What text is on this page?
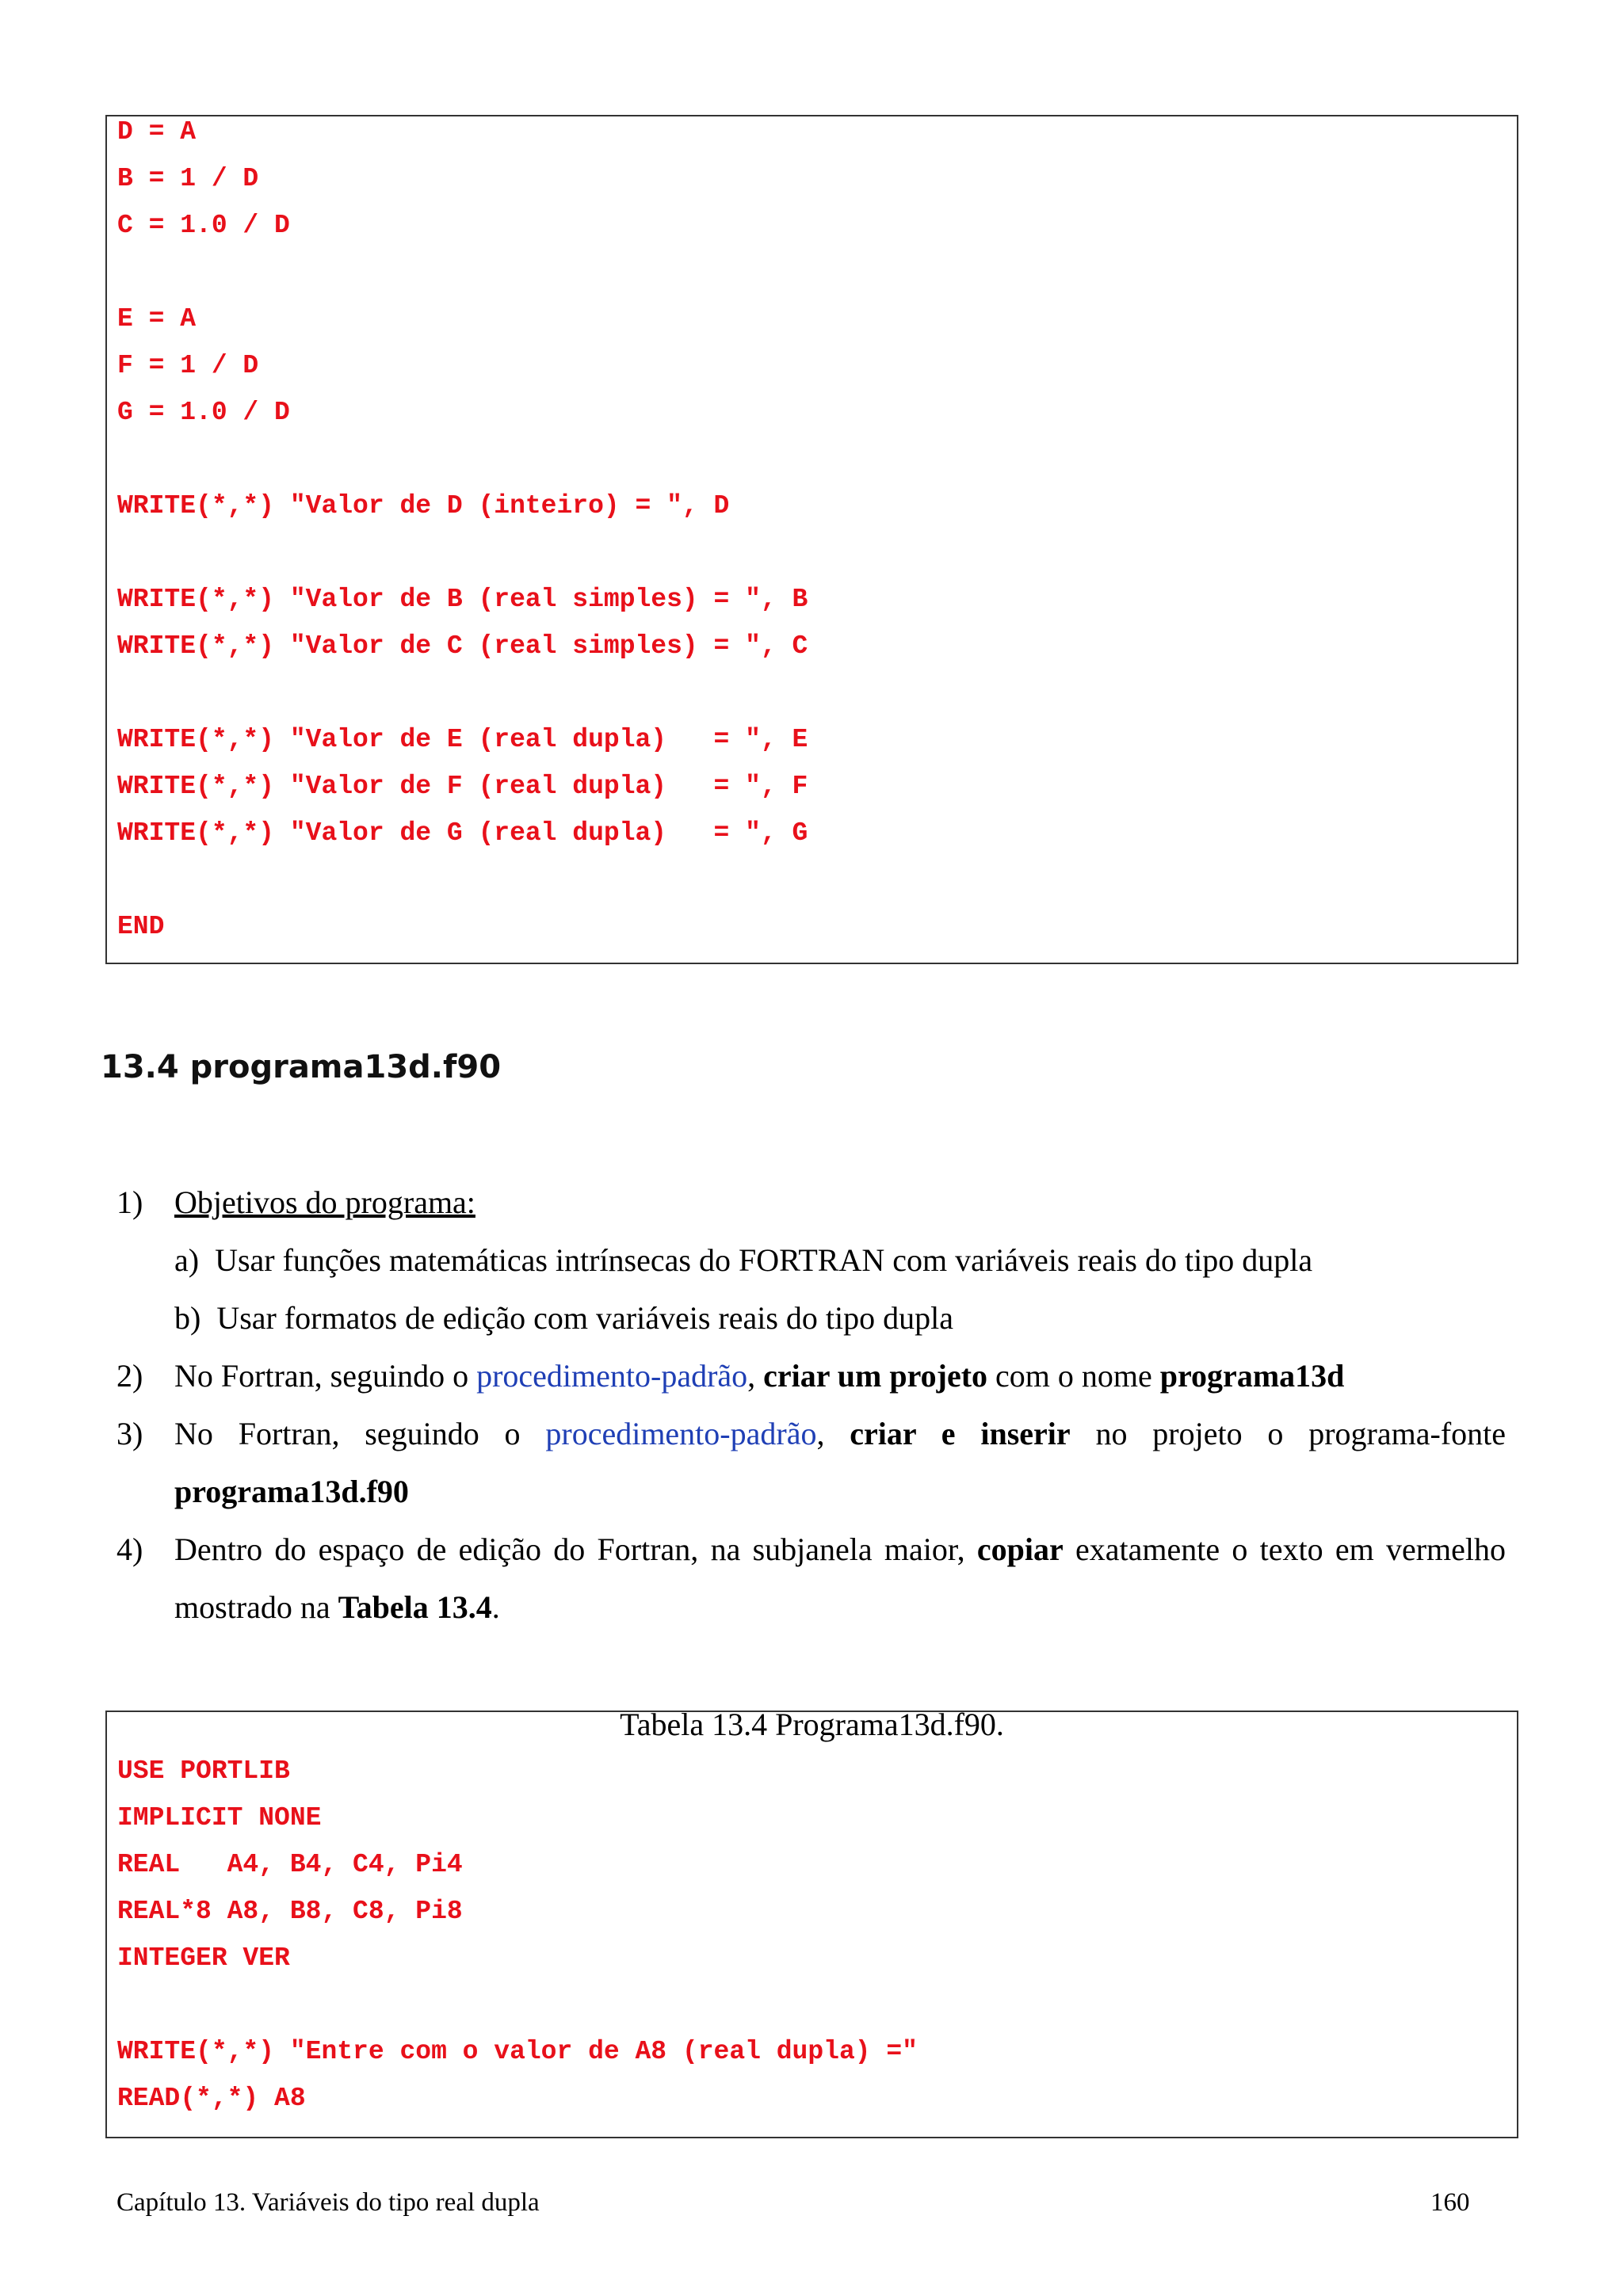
D = A
B = 1 / D
C = 1.0 / D
E = A
F = 1 / D
G = 1.0 / D
WRITE(*,*) "Valor de D (inteiro) = ", D
WRITE(*,*) "Valor de B (real simples) = ", B
WRITE(*,*) "Valor de C (real simples) = ", C
WRITE(*,*) "Valor de E (real dupla)   = ", E
WRITE(*,*) "Valor de F (real dupla)   = ", F
WRITE(*,*) "Valor de G (real dupla)   = ", G
END
13.4 programa13d.f90
1) Objetivos do programa:
a)  Usar funções matemáticas intrínsecas do FORTRAN com variáveis reais do tipo dupla
b)  Usar formatos de edição com variáveis reais do tipo dupla
2) No Fortran, seguindo o procedimento-padrão, criar um projeto com o nome programa13d
3) No Fortran, seguindo o procedimento-padrão, criar e inserir no projeto o programa-fonte
programa13d.f90
4) Dentro do espaço de edição do Fortran, na subjanela maior, copiar exatamente o texto em vermelho
mostrado na Tabela 13.4.
Tabela 13.4 Programa13d.f90.
USE PORTLIB
IMPLICIT NONE
REAL   A4, B4, C4, Pi4
REAL*8 A8, B8, C8, Pi8
INTEGER VER
WRITE(*,*) "Entre com o valor de A8 (real dupla) ="
READ(*,*) A8
Capítulo 13. Variáveis do tipo real dupla	160
